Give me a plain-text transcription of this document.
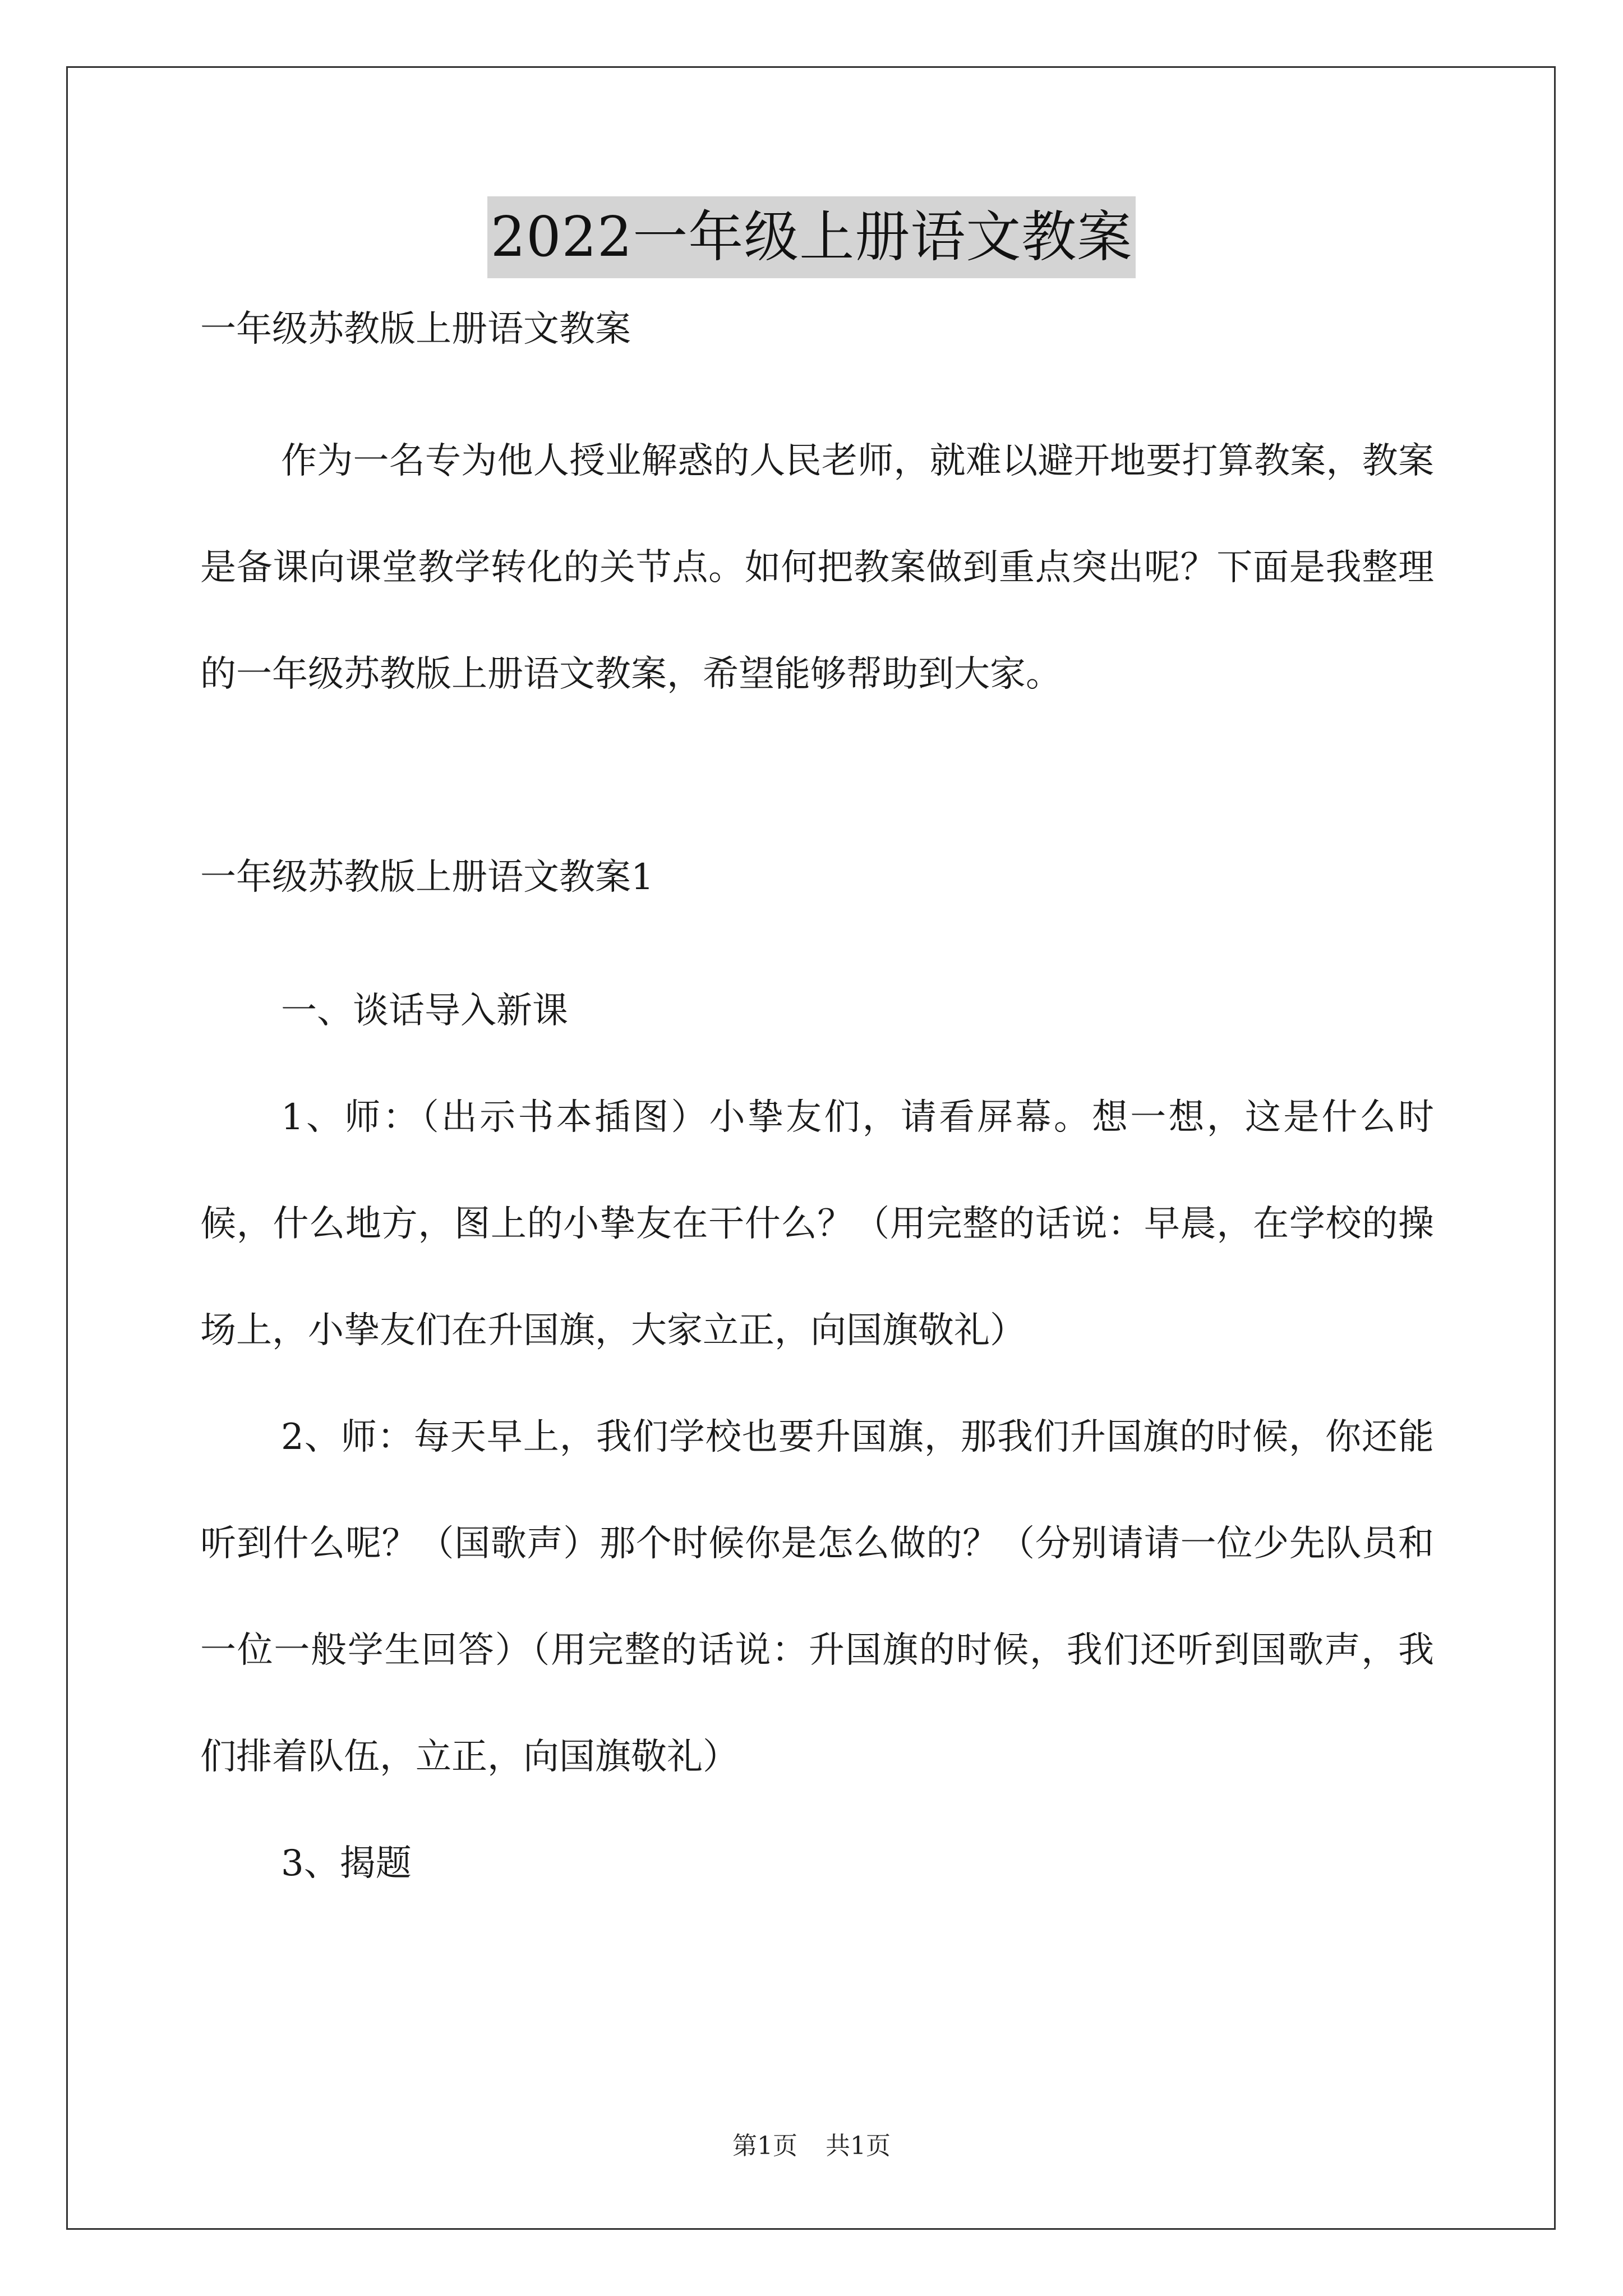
2022一年级上册语文教案

一年级苏教版上册语文教案

作为一名专为他人授业解惑的人民老师，就难以避开地要打算教案，教案是备课向课堂教学转化的关节点。如何把教案做到重点突出呢？下面是我整理的一年级苏教版上册语文教案，希望能够帮助到大家。

一年级苏教版上册语文教案1

一、谈话导入新课

1、师：（出示书本插图）小挚友们，请看屏幕。想一想，这是什么时候，什么地方，图上的小挚友在干什么？（用完整的话说：早晨，在学校的操场上，小挚友们在升国旗，大家立正，向国旗敬礼）

2、师：每天早上，我们学校也要升国旗，那我们升国旗的时候，你还能听到什么呢？（国歌声）那个时候你是怎么做的？（分别请请一位少先队员和一位一般学生回答）（用完整的话说：升国旗的时候，我们还听到国歌声，我们排着队伍，立正，向国旗敬礼）

3、揭题

第1页 共1页
